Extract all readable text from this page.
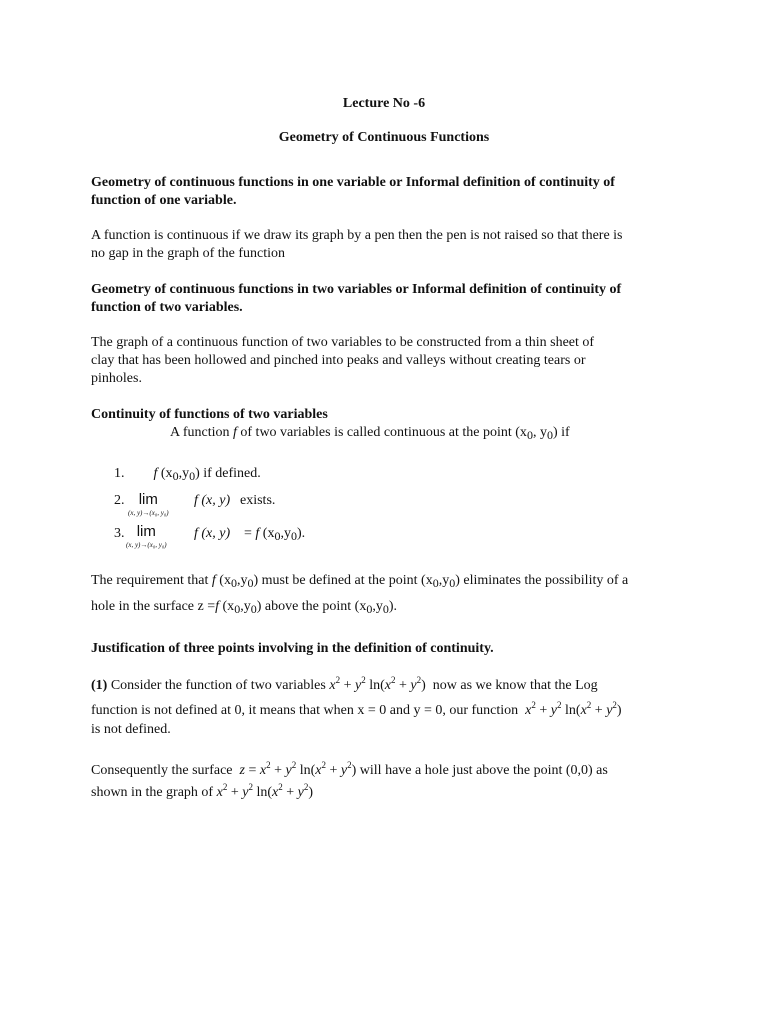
Lecture No -6
Geometry of Continuous Functions
Geometry of continuous functions in one variable or Informal definition of continuity of
function of one variable.
A function is continuous if we draw its graph by a pen then the pen is not raised so that there is
no gap in the graph of the function
Geometry of continuous functions in two variables or Informal definition of continuity of
function of two variables.
The graph of a continuous function of two variables to be constructed from a thin sheet of
clay that has been hollowed and pinched into peaks and valleys without creating tears or
pinholes.
Continuity of functions of two variables
A function f of two variables is called continuous at the point ($x_0$, $y_0$) if
1. f $(x_0,y_0)$ if defined.
2. lim
(x, y)→(x₀, y₀)
f (x, y) exists.
3. lim
(x, y)→(x₀, y₀)
f (x, y) = f $(x_0,y_0)$.
The requirement that f $(x_0,y_0)$ must be defined at the point $(x_0,y_0)$ eliminates the possibility of a
hole in the surface z =f $(x_0,y_0)$ above the point $(x_0,y_0)$.
Justification of three points involving in the definition of continuity.
(1) Consider the function of two variables $x^2 + y^2$ $\ln(x^2 + y^2)$ now as we know that the Log
function is not defined at 0, it means that when x = 0 and y = 0, our function $x^2 + y^2$ $\ln(x^2 + y^2)$
is not defined.
Consequently the surface $z = x^2 + y^2$ $\ln(x^2 + y^2)$ will have a hole just above the point (0,0) as
shown in the graph of $x^2 + y^2$ $\ln(x^2 + y^2)$
